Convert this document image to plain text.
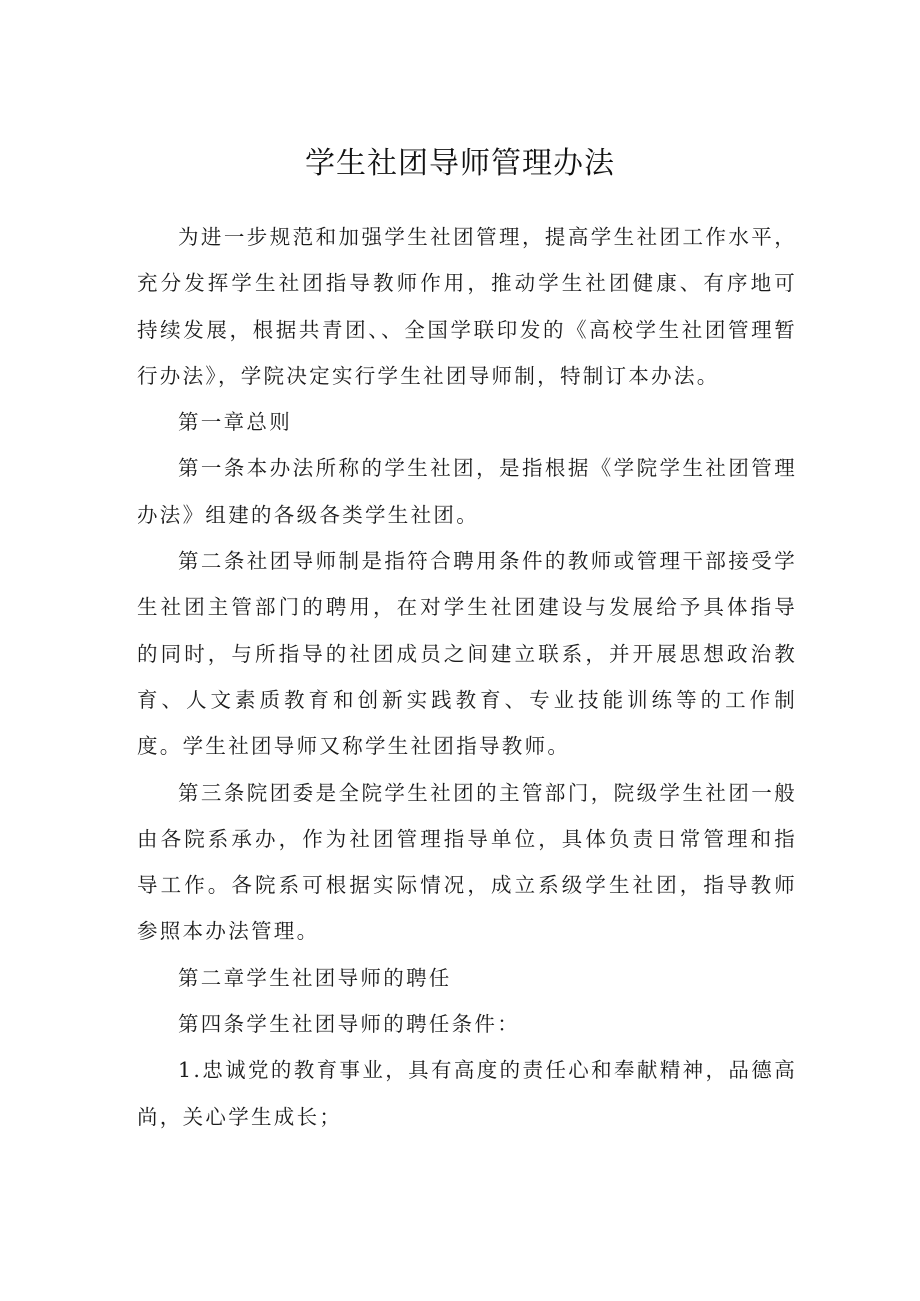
学生社团导师管理办法

为进一步规范和加强学生社团管理，提高学生社团工作水平，充分发挥学生社团指导教师作用，推动学生社团健康、有序地可持续发展，根据共青团、、全国学联印发的《高校学生社团管理暂行办法》，学院决定实行学生社团导师制，特制订本办法。

第一章总则

第一条本办法所称的学生社团，是指根据《学院学生社团管理办法》组建的各级各类学生社团。

第二条社团导师制是指符合聘用条件的教师或管理干部接受学生社团主管部门的聘用，在对学生社团建设与发展给予具体指导的同时，与所指导的社团成员之间建立联系，并开展思想政治教育、人文素质教育和创新实践教育、专业技能训练等的工作制度。学生社团导师又称学生社团指导教师。

第三条院团委是全院学生社团的主管部门，院级学生社团一般由各院系承办，作为社团管理指导单位，具体负责日常管理和指导工作。各院系可根据实际情况，成立系级学生社团，指导教师参照本办法管理。

第二章学生社团导师的聘任

第四条学生社团导师的聘任条件：

1.忠诚党的教育事业，具有高度的责任心和奉献精神，品德高尚，关心学生成长；
